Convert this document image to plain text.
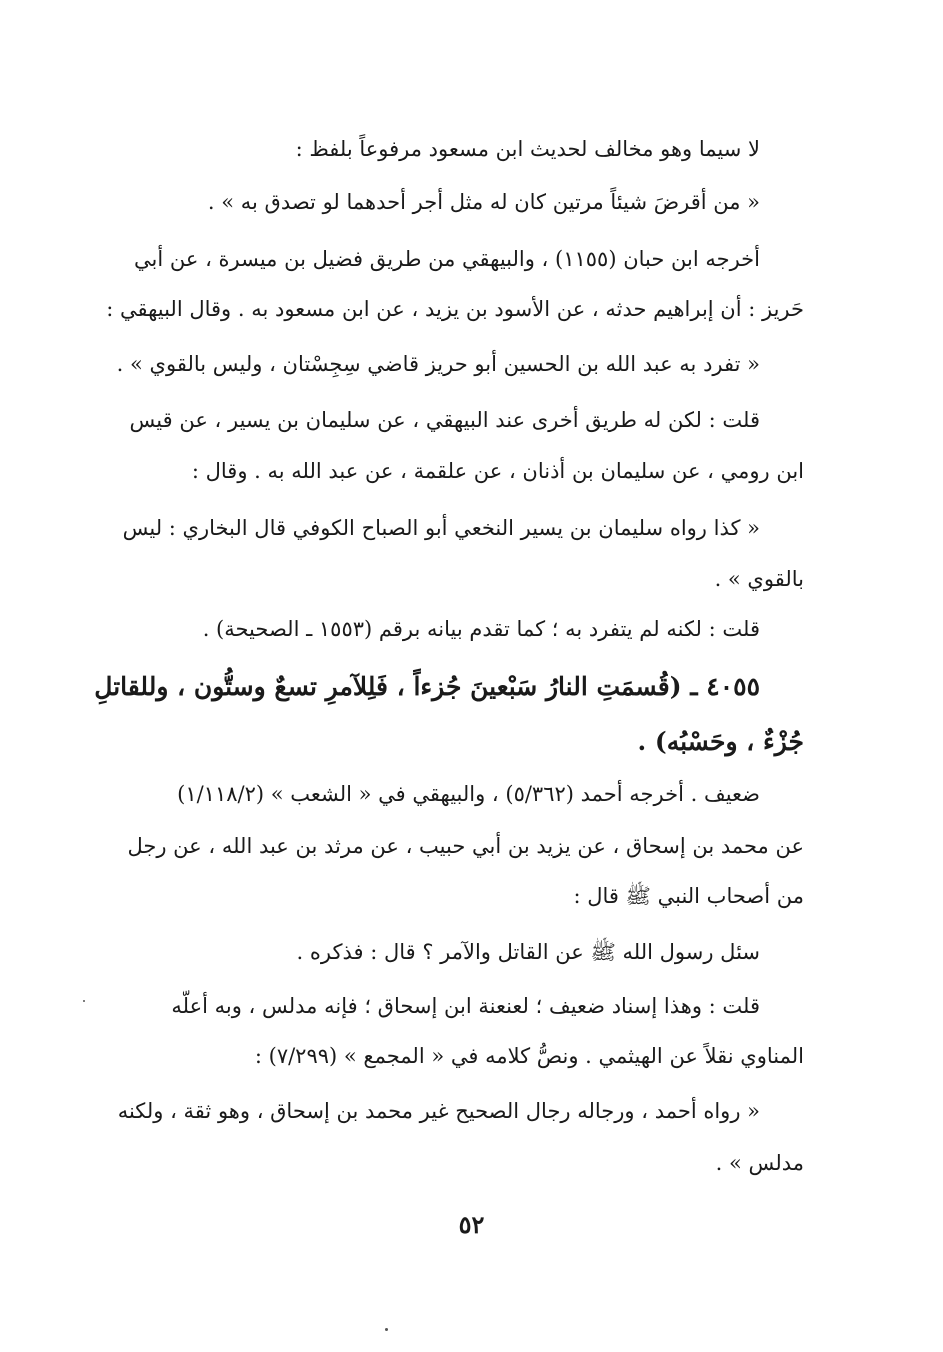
لا سيما وهو مخالف لحديث ابن مسعود مرفوعاً بلفظ :
« من أقرضَ شيئاً مرتين كان له مثل أجر أحدهما لو تصدق به » .
أخرجه ابن حبان (١١٥٥) ، والبيهقي من طريق فضيل بن ميسرة ، عن أبي
حَريز : أن إبراهيم حدثه ، عن الأسود بن يزيد ، عن ابن مسعود به . وقال البيهقي :
« تفرد به عبد الله بن الحسين أبو حريز قاضي سِجِسْتان ، وليس بالقوي » .
قلت : لكن له طريق أخرى عند البيهقي ، عن سليمان بن يسير ، عن قيس
ابن رومي ، عن سليمان بن أذنان ، عن علقمة ، عن عبد الله به . وقال :
« كذا رواه سليمان بن يسير النخعي أبو الصباح الكوفي قال البخاري : ليس
بالقوي » .
قلت : لكنه لم يتفرد به ؛ كما تقدم بيانه برقم (١٥٥٣ ـ الصحيحة) .
٤٠٥٥ ـ (قُسمَتِ النارُ سَبْعينَ جُزءاً ، فَلِلآمرِ تسعٌ وستُّون ، وللقاتلِ
جُزْءٌ ، وحَسْبُه) .
ضعيف . أخرجه أحمد (٥/٣٦٢) ، والبيهقي في « الشعب » (١/١١٨/٢)
عن محمد بن إسحاق ، عن يزيد بن أبي حبيب ، عن مرثد بن عبد الله ، عن رجل
من أصحاب النبي ﷺ قال :
سئل رسول الله ﷺ عن القاتل والآمر ؟ قال : فذكره .
قلت : وهذا إسناد ضعيف ؛ لعنعنة ابن إسحاق ؛ فإنه مدلس ، وبه أعلَّه
المناوي نقلاً عن الهيثمي . ونصُّ كلامه في « المجمع » (٧/٢٩٩) :
« رواه أحمد ، ورجاله رجال الصحيح غير محمد بن إسحاق ، وهو ثقة ، ولكنه
مدلس » .
٥٢
